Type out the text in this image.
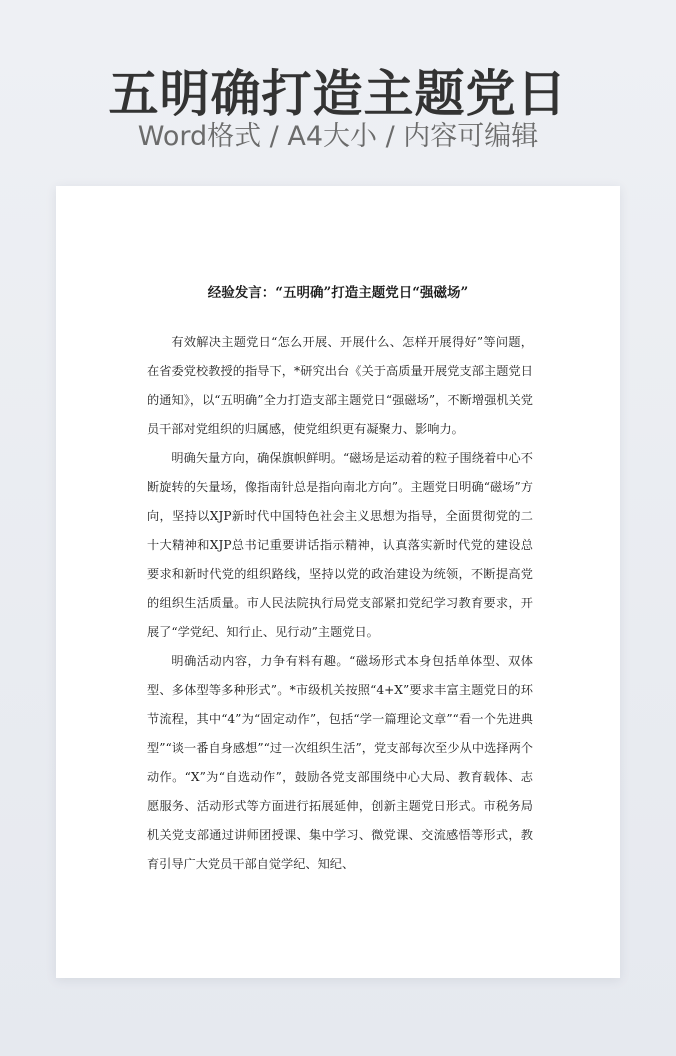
五明确打造主题党日
Word格式 / A4大小 / 内容可编辑
经验发言：“五明确”打造主题党日“强磁场”

有效解决主题党日“怎么开展、开展什么、怎样开展得好”等问题，在省委党校教授的指导下，*研究出台《关于高质量开展党支部主题党日的通知》，以“五明确”全力打造支部主题党日“强磁场”，不断增强机关党员干部对党组织的归属感，使党组织更有凝聚力、影响力。

明确矢量方向，确保旗帜鲜明。“磁场是运动着的粒子围绕着中心不断旋转的矢量场，像指南针总是指向南北方向”。主题党日明确“磁场”方向，坚持以XJP新时代中国特色社会主义思想为指导，全面贯彻党的二十大精神和XJP总书记重要讲话指示精神，认真落实新时代党的建设总要求和新时代党的组织路线，坚持以党的政治建设为统领，不断提高党的组织生活质量。市人民法院执行局党支部紧扣党纪学习教育要求，开展了“学党纪、知行止、见行动”主题党日。

明确活动内容，力争有料有趣。“磁场形式本身包括单体型、双体型、多体型等多种形式”。*市级机关按照“4+X”要求丰富主题党日的环节流程，其中“4”为“固定动作”，包括“学一篇理论文章”“看一个先进典型”“谈一番自身感想”“过一次组织生活”，党支部每次至少从中选择两个动作。“X”为“自选动作”，鼓励各党支部围绕中心大局、教育载体、志愿服务、活动形式等方面进行拓展延伸，创新主题党日形式。市税务局机关党支部通过讲师团授课、集中学习、微党课、交流感悟等形式，教育引导广大党员干部自觉学纪、知纪、
